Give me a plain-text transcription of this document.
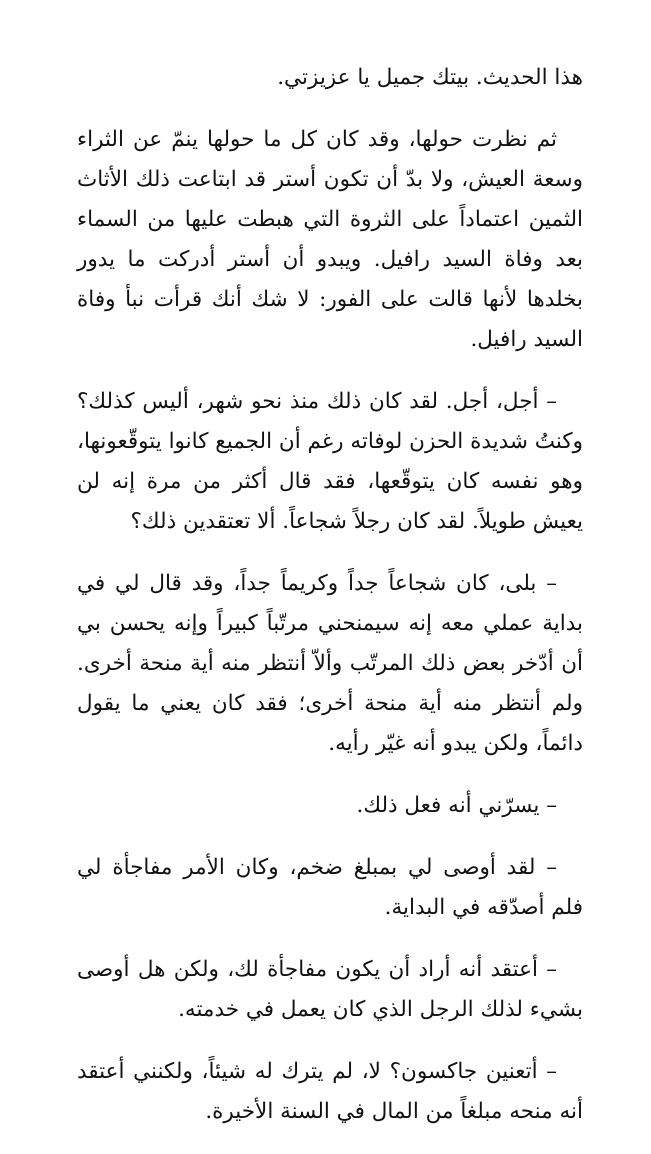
هذا الحديث. بيتك جميل يا عزيزتي.

ثم نظرت حولها، وقد كان كل ما حولها ينمّ عن الثراء وسعة العيش، ولا بدّ أن تكون أستر قد ابتاعت ذلك الأثاث الثمين اعتماداً على الثروة التي هبطت عليها من السماء بعد وفاة السيد رافيل. ويبدو أن أستر أدركت ما يدور بخلدها لأنها قالت على الفور: لا شك أنك قرأت نبأ وفاة السيد رافيل.

– أجل، أجل. لقد كان ذلك منذ نحو شهر، أليس كذلك؟ وكنتُ شديدة الحزن لوفاته رغم أن الجميع كانوا يتوقّعونها، وهو نفسه كان يتوقّعها، فقد قال أكثر من مرة إنه لن يعيش طويلاً. لقد كان رجلاً شجاعاً. ألا تعتقدين ذلك؟

– بلى، كان شجاعاً جداً وكريماً جداً، وقد قال لي في بداية عملي معه إنه سيمنحني مرتّباً كبيراً وإنه يحسن بي أن أدّخر بعض ذلك المرتّب وألاّ أنتظر منه أية منحة أخرى. ولم أنتظر منه أية منحة أخرى؛ فقد كان يعني ما يقول دائماً، ولكن يبدو أنه غيّر رأيه.

– يسرّني أنه فعل ذلك.

– لقد أوصى لي بمبلغ ضخم، وكان الأمر مفاجأة لي فلم أصدّقه في البداية.

– أعتقد أنه أراد أن يكون مفاجأة لك، ولكن هل أوصى بشيء لذلك الرجل الذي كان يعمل في خدمته.

– أتعنين جاكسون؟ لا، لم يترك له شيئاً، ولكنني أعتقد أنه منحه مبلغاً من المال في السنة الأخيرة.
